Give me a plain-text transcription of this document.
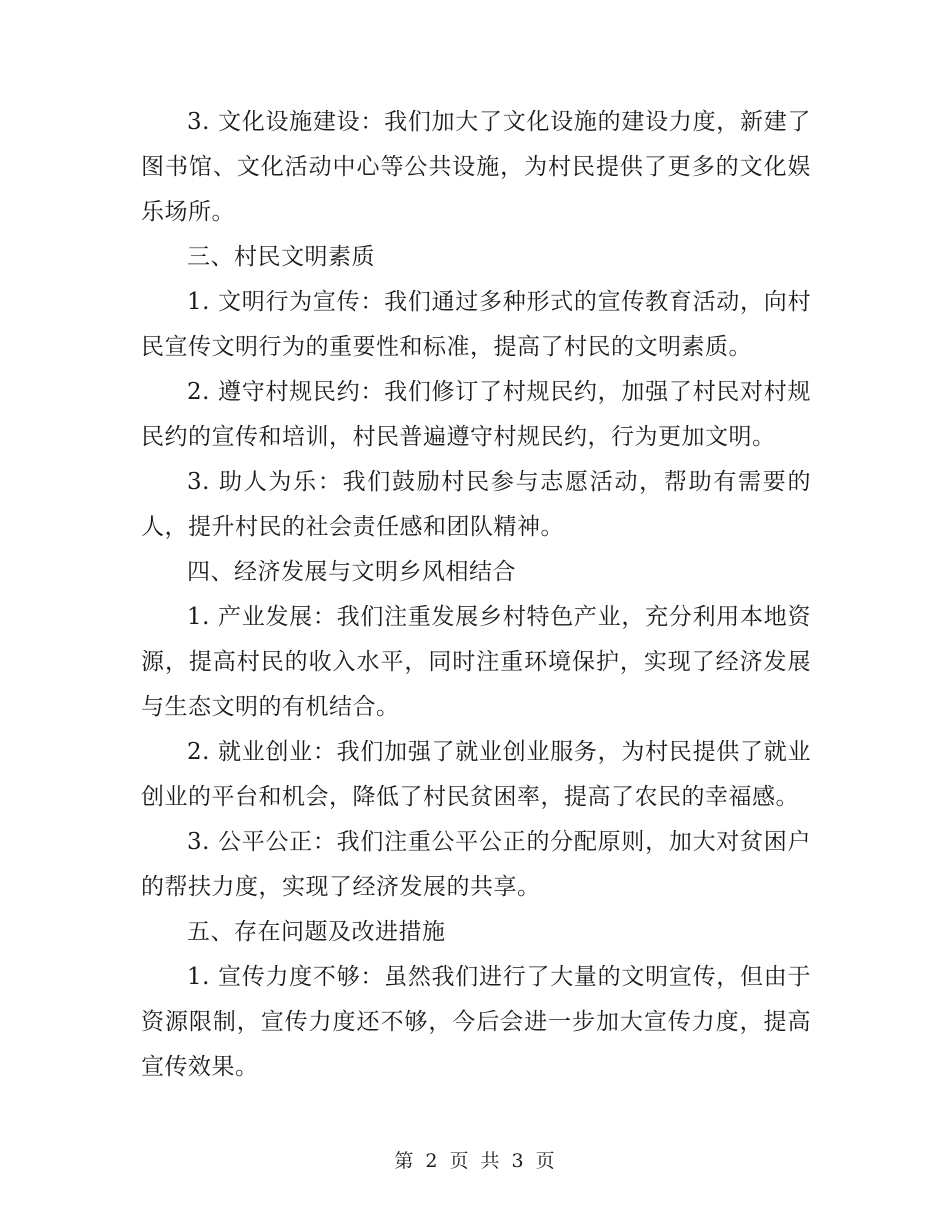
3. 文化设施建设：我们加大了文化设施的建设力度，新建了图书馆、文化活动中心等公共设施，为村民提供了更多的文化娱乐场所。

三、村民文明素质

1. 文明行为宣传：我们通过多种形式的宣传教育活动，向村民宣传文明行为的重要性和标准，提高了村民的文明素质。

2. 遵守村规民约：我们修订了村规民约，加强了村民对村规民约的宣传和培训，村民普遍遵守村规民约，行为更加文明。

3. 助人为乐：我们鼓励村民参与志愿活动，帮助有需要的人，提升村民的社会责任感和团队精神。

四、经济发展与文明乡风相结合

1. 产业发展：我们注重发展乡村特色产业，充分利用本地资源，提高村民的收入水平，同时注重环境保护，实现了经济发展与生态文明的有机结合。

2. 就业创业：我们加强了就业创业服务，为村民提供了就业创业的平台和机会，降低了村民贫困率，提高了农民的幸福感。

3. 公平公正：我们注重公平公正的分配原则，加大对贫困户的帮扶力度，实现了经济发展的共享。

五、存在问题及改进措施

1. 宣传力度不够：虽然我们进行了大量的文明宣传，但由于资源限制，宣传力度还不够，今后会进一步加大宣传力度，提高宣传效果。

第 2 页 共 3 页
